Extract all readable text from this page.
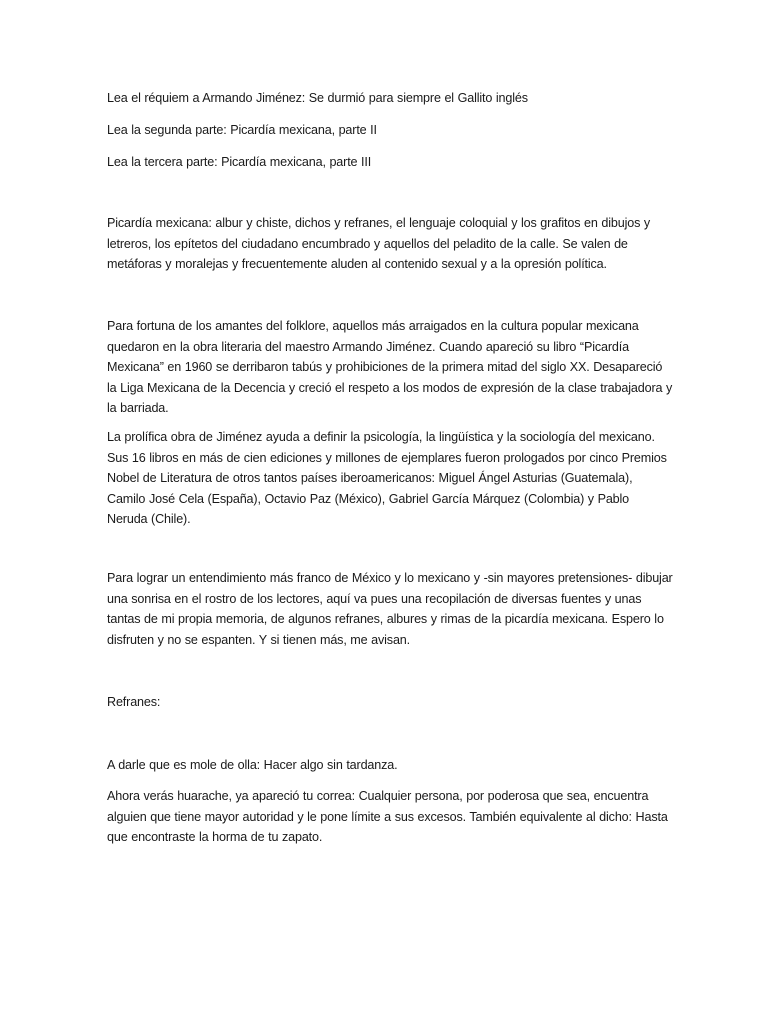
Lea el réquiem a Armando Jiménez: Se durmió para siempre el Gallito inglés

Lea la segunda parte: Picardía mexicana, parte II

Lea la tercera parte: Picardía mexicana, parte III

Picardía mexicana: albur y chiste, dichos y refranes, el lenguaje coloquial y los grafitos en dibujos y letreros, los epítetos del ciudadano encumbrado y aquellos del peladito de la calle. Se valen de metáforas y moralejas y frecuentemente aluden al contenido sexual y a la opresión política.

Para fortuna de los amantes del folklore, aquellos más arraigados en la cultura popular mexicana quedaron en la obra literaria del maestro Armando Jiménez. Cuando apareció su libro “Picardía Mexicana” en 1960 se derribaron tabús y prohibiciones de la primera mitad del siglo XX. Desapareció la Liga Mexicana de la Decencia y creció el respeto a los modos de expresión de la clase trabajadora y la barriada.

La prolífica obra de Jiménez ayuda a definir la psicología, la lingüística y la sociología del mexicano. Sus 16 libros en más de cien ediciones y millones de ejemplares fueron prologados por cinco Premios Nobel de Literatura de otros tantos países iberoamericanos: Miguel Ángel Asturias (Guatemala), Camilo José Cela (España), Octavio Paz (México), Gabriel García Márquez (Colombia) y Pablo Neruda (Chile).

Para lograr un entendimiento más franco de México y lo mexicano y -sin mayores pretensiones- dibujar una sonrisa en el rostro de los lectores, aquí va pues una recopilación de diversas fuentes y unas tantas de mi propia memoria, de algunos refranes, albures y rimas de la picardía mexicana. Espero lo disfruten y no se espanten. Y si tienen más, me avisan.

Refranes:

A darle que es mole de olla: Hacer algo sin tardanza.

Ahora verás huarache, ya apareció tu correa: Cualquier persona, por poderosa que sea, encuentra alguien que tiene mayor autoridad y le pone límite a sus excesos. También equivalente al dicho: Hasta que encontraste la horma de tu zapato.
